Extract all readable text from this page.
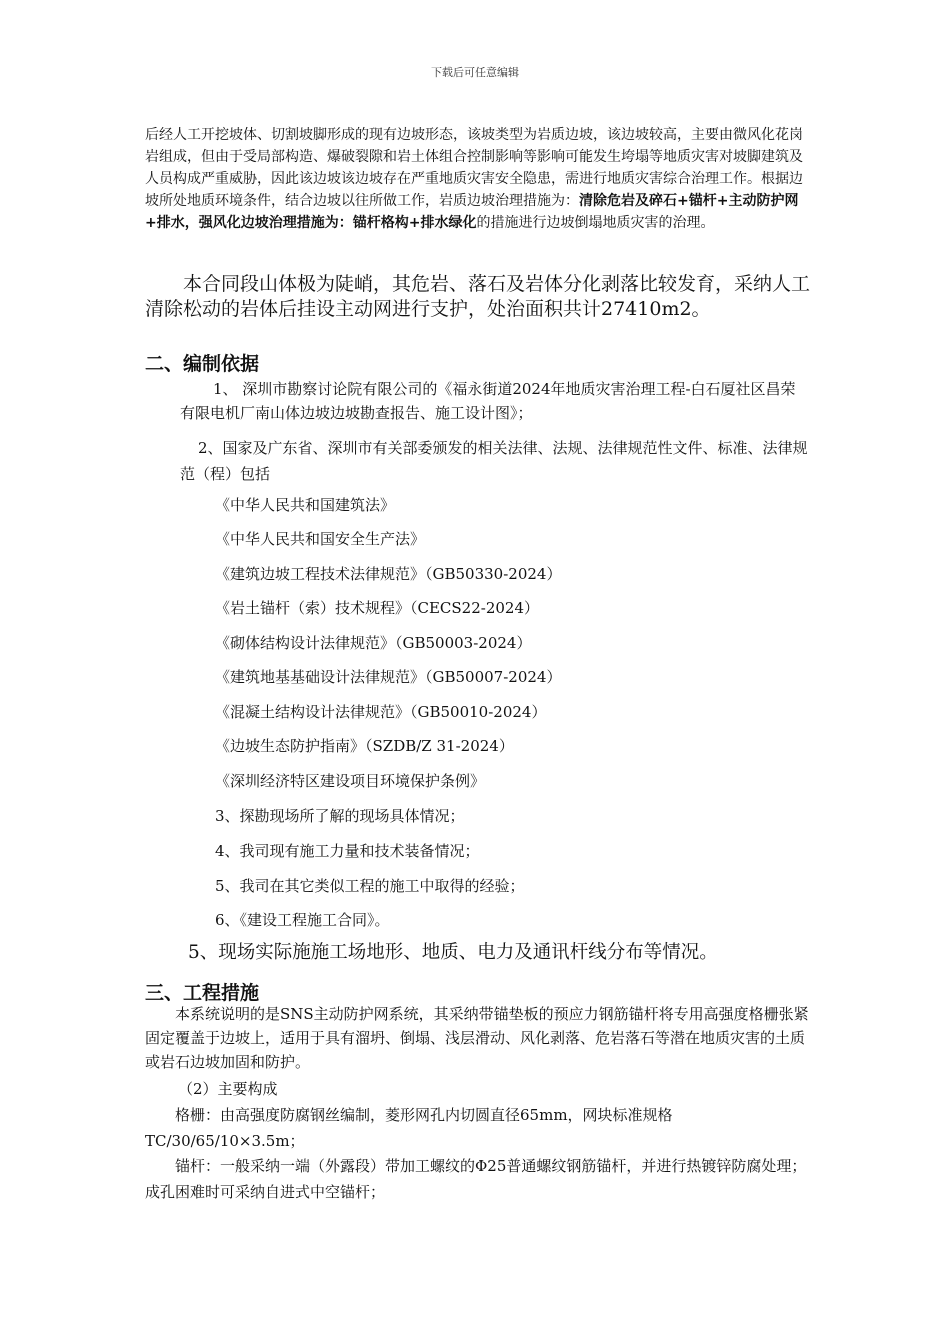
下载后可任意编辑

后经人工开挖坡体、切割坡脚形成的现有边坡形态，该坡类型为岩质边坡，该边坡较高，主要由微风化花岗岩组成，但由于受局部构造、爆破裂隙和岩土体组合控制影响等影响可能发生垮塌等地质灾害对坡脚建筑及人员构成严重威胁，因此该边坡该边坡存在严重地质灾害安全隐患，需进行地质灾害综合治理工作。根据边坡所处地质环境条件，结合边坡以往所做工作，岩质边坡治理措施为：清除危岩及碎石+锚杆+主动防护网+排水，强风化边坡治理措施为：锚杆格构+排水绿化的措施进行边坡倒塌地质灾害的治理。

本合同段山体极为陡峭，其危岩、落石及岩体分化剥落比较发育，采纳人工清除松动的岩体后挂设主动网进行支护，处治面积共计27410m2。

二、编制依据

1、 深圳市勘察讨论院有限公司的《福永街道2024年地质灾害治理工程-白石厦社区昌荣有限电机厂南山体边坡边坡勘查报告、施工设计图》；

2、国家及广东省、深圳市有关部委颁发的相关法律、法规、法律规范性文件、标准、法律规范（程）包括

《中华人民共和国建筑法》
《中华人民共和国安全生产法》
《建筑边坡工程技术法律规范》（GB50330-2024）
《岩土锚杆（索）技术规程》（CECS22-2024）
《砌体结构设计法律规范》（GB50003-2024）
《建筑地基基础设计法律规范》（GB50007-2024）
《混凝土结构设计法律规范》（GB50010-2024）
《边坡生态防护指南》（SZDB/Z 31-2024）
《深圳经济特区建设项目环境保护条例》
3、探勘现场所了解的现场具体情况；
4、我司现有施工力量和技术装备情况；
5、我司在其它类似工程的施工中取得的经验；
6、《建设工程施工合同》。
5、现场实际施施工场地形、地质、电力及通讯杆线分布等情况。
三、工程措施

本系统说明的是SNS主动防护网系统，其采纳带锚垫板的预应力钢筋锚杆将专用高强度格栅张紧固定覆盖于边坡上，适用于具有溜坍、倒塌、浅层滑动、风化剥落、危岩落石等潜在地质灾害的土质或岩石边坡加固和防护。

（2）主要构成

格栅：由高强度防腐钢丝编制，菱形网孔内切圆直径65mm，网块标准规格TC/30/65/10×3.5m；

锚杆：一般采纳一端（外露段）带加工螺纹的Φ25普通螺纹钢筋锚杆，并进行热镀锌防腐处理；成孔困难时可采纳自进式中空锚杆；
